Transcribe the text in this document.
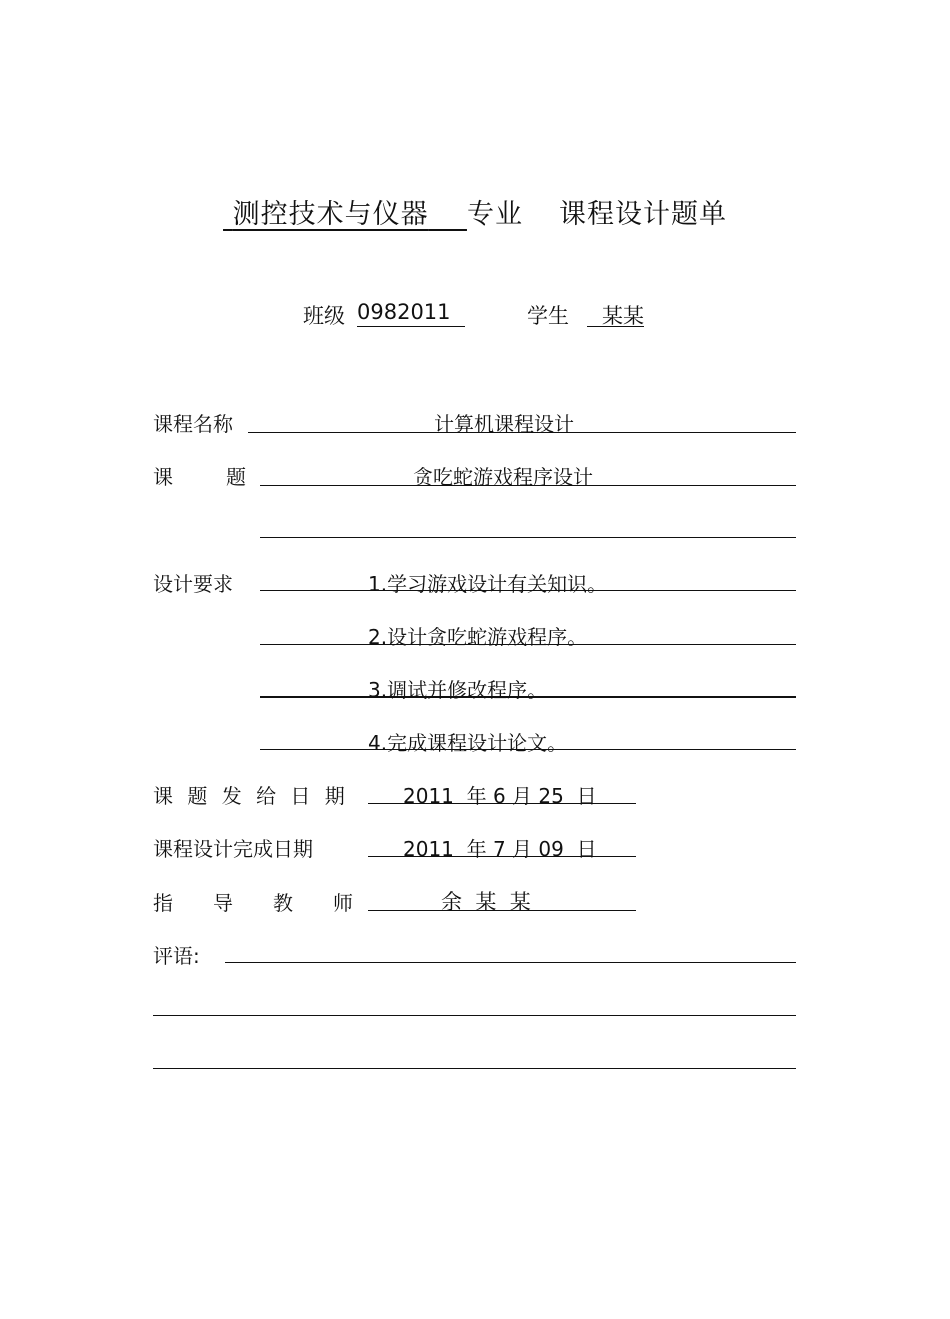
测控技术与仪器 专业 课程设计题单
班级 0982011	学生	某某
课程名称	计算机课程设计
课	题	贪吃蛇游戏程序设计
设计要求	1.学习游戏设计有关知识。
2.设计贪吃蛇游戏程序。
3.调试并修改程序。
4.完成课程设计论文。
课 题 发 给 日 期	2011  年 6 月 25  日
课程设计完成日期	2011  年 7 月 09  日
指 导 教 师	余  某  某
评语:
